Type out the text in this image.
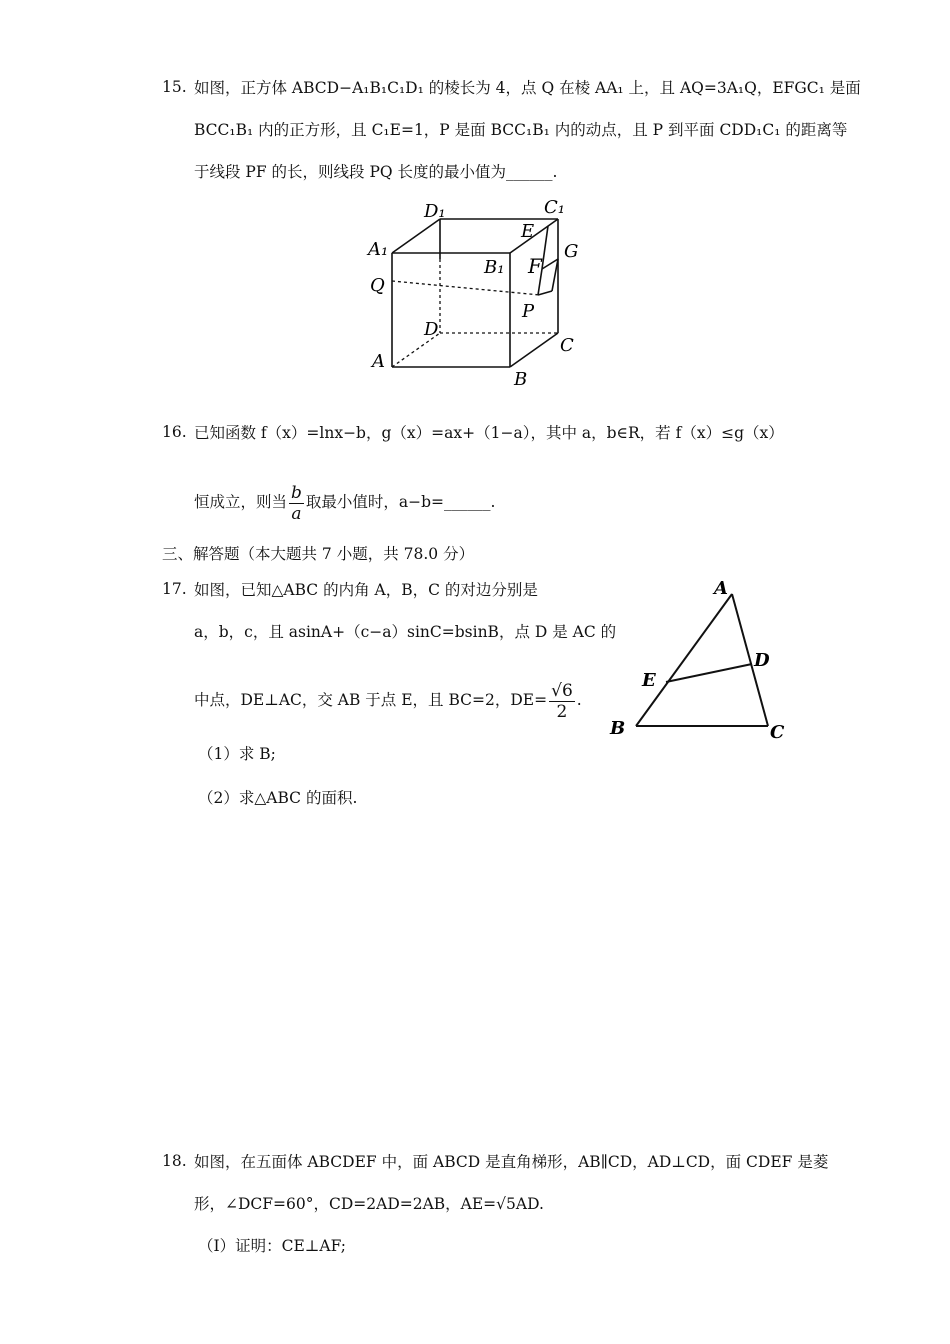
15. 如图，正方体 ABCD−A₁B₁C₁D₁ 的棱长为 4，点 Q 在棱 AA₁ 上，且 AQ=3A₁Q，EFGC₁ 是面
BCC₁B₁ 内的正方形，且 C₁E=1，P 是面 BCC₁B₁ 内的动点，且 P 到平面 CDD₁C₁ 的距离等
于线段 PF 的长，则线段 PQ 长度的最小值为______.
D₁	C₁
A₁
B₁
E
G
F
Q
P
D
C
A
B
16. 已知函数 f（x）=lnx−b，g（x）=ax+（1−a），其中 a，b∈R，若 f（x）≤g（x）
恒成立，则当 $\frac{b}{a}$ 取最小值时，a−b=______.
三、解答题（本大题共 7 小题，共 78.0 分）
17. 如图，已知△ABC 的内角 A，B，C 的对边分别是
a，b，c，且 asinA+（c−a）sinC=bsinB，点 D 是 AC 的
中点，DE⊥AC，交 AB 于点 E，且 BC=2，$DE= \frac{√6}{2}$ .
（1）求 B;
（2）求△ABC 的面积.
A
D
E
B	C
18. 如图，在五面体 ABCDEF 中，面 ABCD 是直角梯形，AB∥CD，AD⊥CD，面 CDEF 是菱
形，∠DCF=60°，CD=2AD=2AB，AE=√5AD.
（Ⅰ）证明：CE⊥AF;
